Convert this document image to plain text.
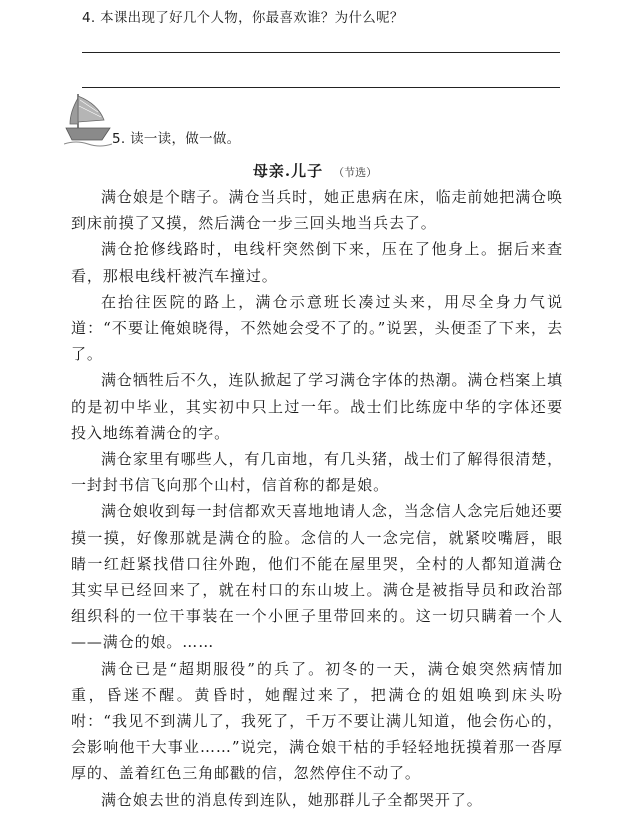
4. 本课出现了好几个人物，你最喜欢谁？为什么呢？
5. 读一读，做一做。
母亲.儿子 （节选）

满仓娘是个瞎子。满仓当兵时，她正患病在床，临走前她把满仓唤到床前摸了又摸，然后满仓一步三回头地当兵去了。

满仓抢修线路时，电线杆突然倒下来，压在了他身上。据后来查看，那根电线杆被汽车撞过。

在抬往医院的路上，满仓示意班长凑过头来，用尽全身力气说道：“不要让俺娘晓得，不然她会受不了的。”说罢，头便歪了下来，去了。

满仓牺牲后不久，连队掀起了学习满仓字体的热潮。满仓档案上填的是初中毕业，其实初中只上过一年。战士们比练庞中华的字体还要投入地练着满仓的字。

满仓家里有哪些人，有几亩地，有几头猪，战士们了解得很清楚，一封封书信飞向那个山村，信首称的都是娘。

满仓娘收到每一封信都欢天喜地地请人念，当念信人念完后她还要摸一摸，好像那就是满仓的脸。念信的人一念完信，就紧咬嘴唇，眼睛一红赶紧找借口往外跑，他们不能在屋里哭，全村的人都知道满仓其实早已经回来了，就在村口的东山坡上。满仓是被指导员和政治部组织科的一位干事装在一个小匣子里带回来的。这一切只瞒着一个人——满仓的娘。……

满仓已是“超期服役”的兵了。初冬的一天，满仓娘突然病情加重，昏迷不醒。黄昏时，她醒过来了，把满仓的姐姐唤到床头吩咐：“我见不到满儿了，我死了，千万不要让满儿知道，他会伤心的，会影响他干大事业……”说完，满仓娘干枯的手轻轻地抚摸着那一沓厚厚的、盖着红色三角邮戳的信，忽然停住不动了。

满仓娘去世的消息传到连队，她那群儿子全都哭开了。
